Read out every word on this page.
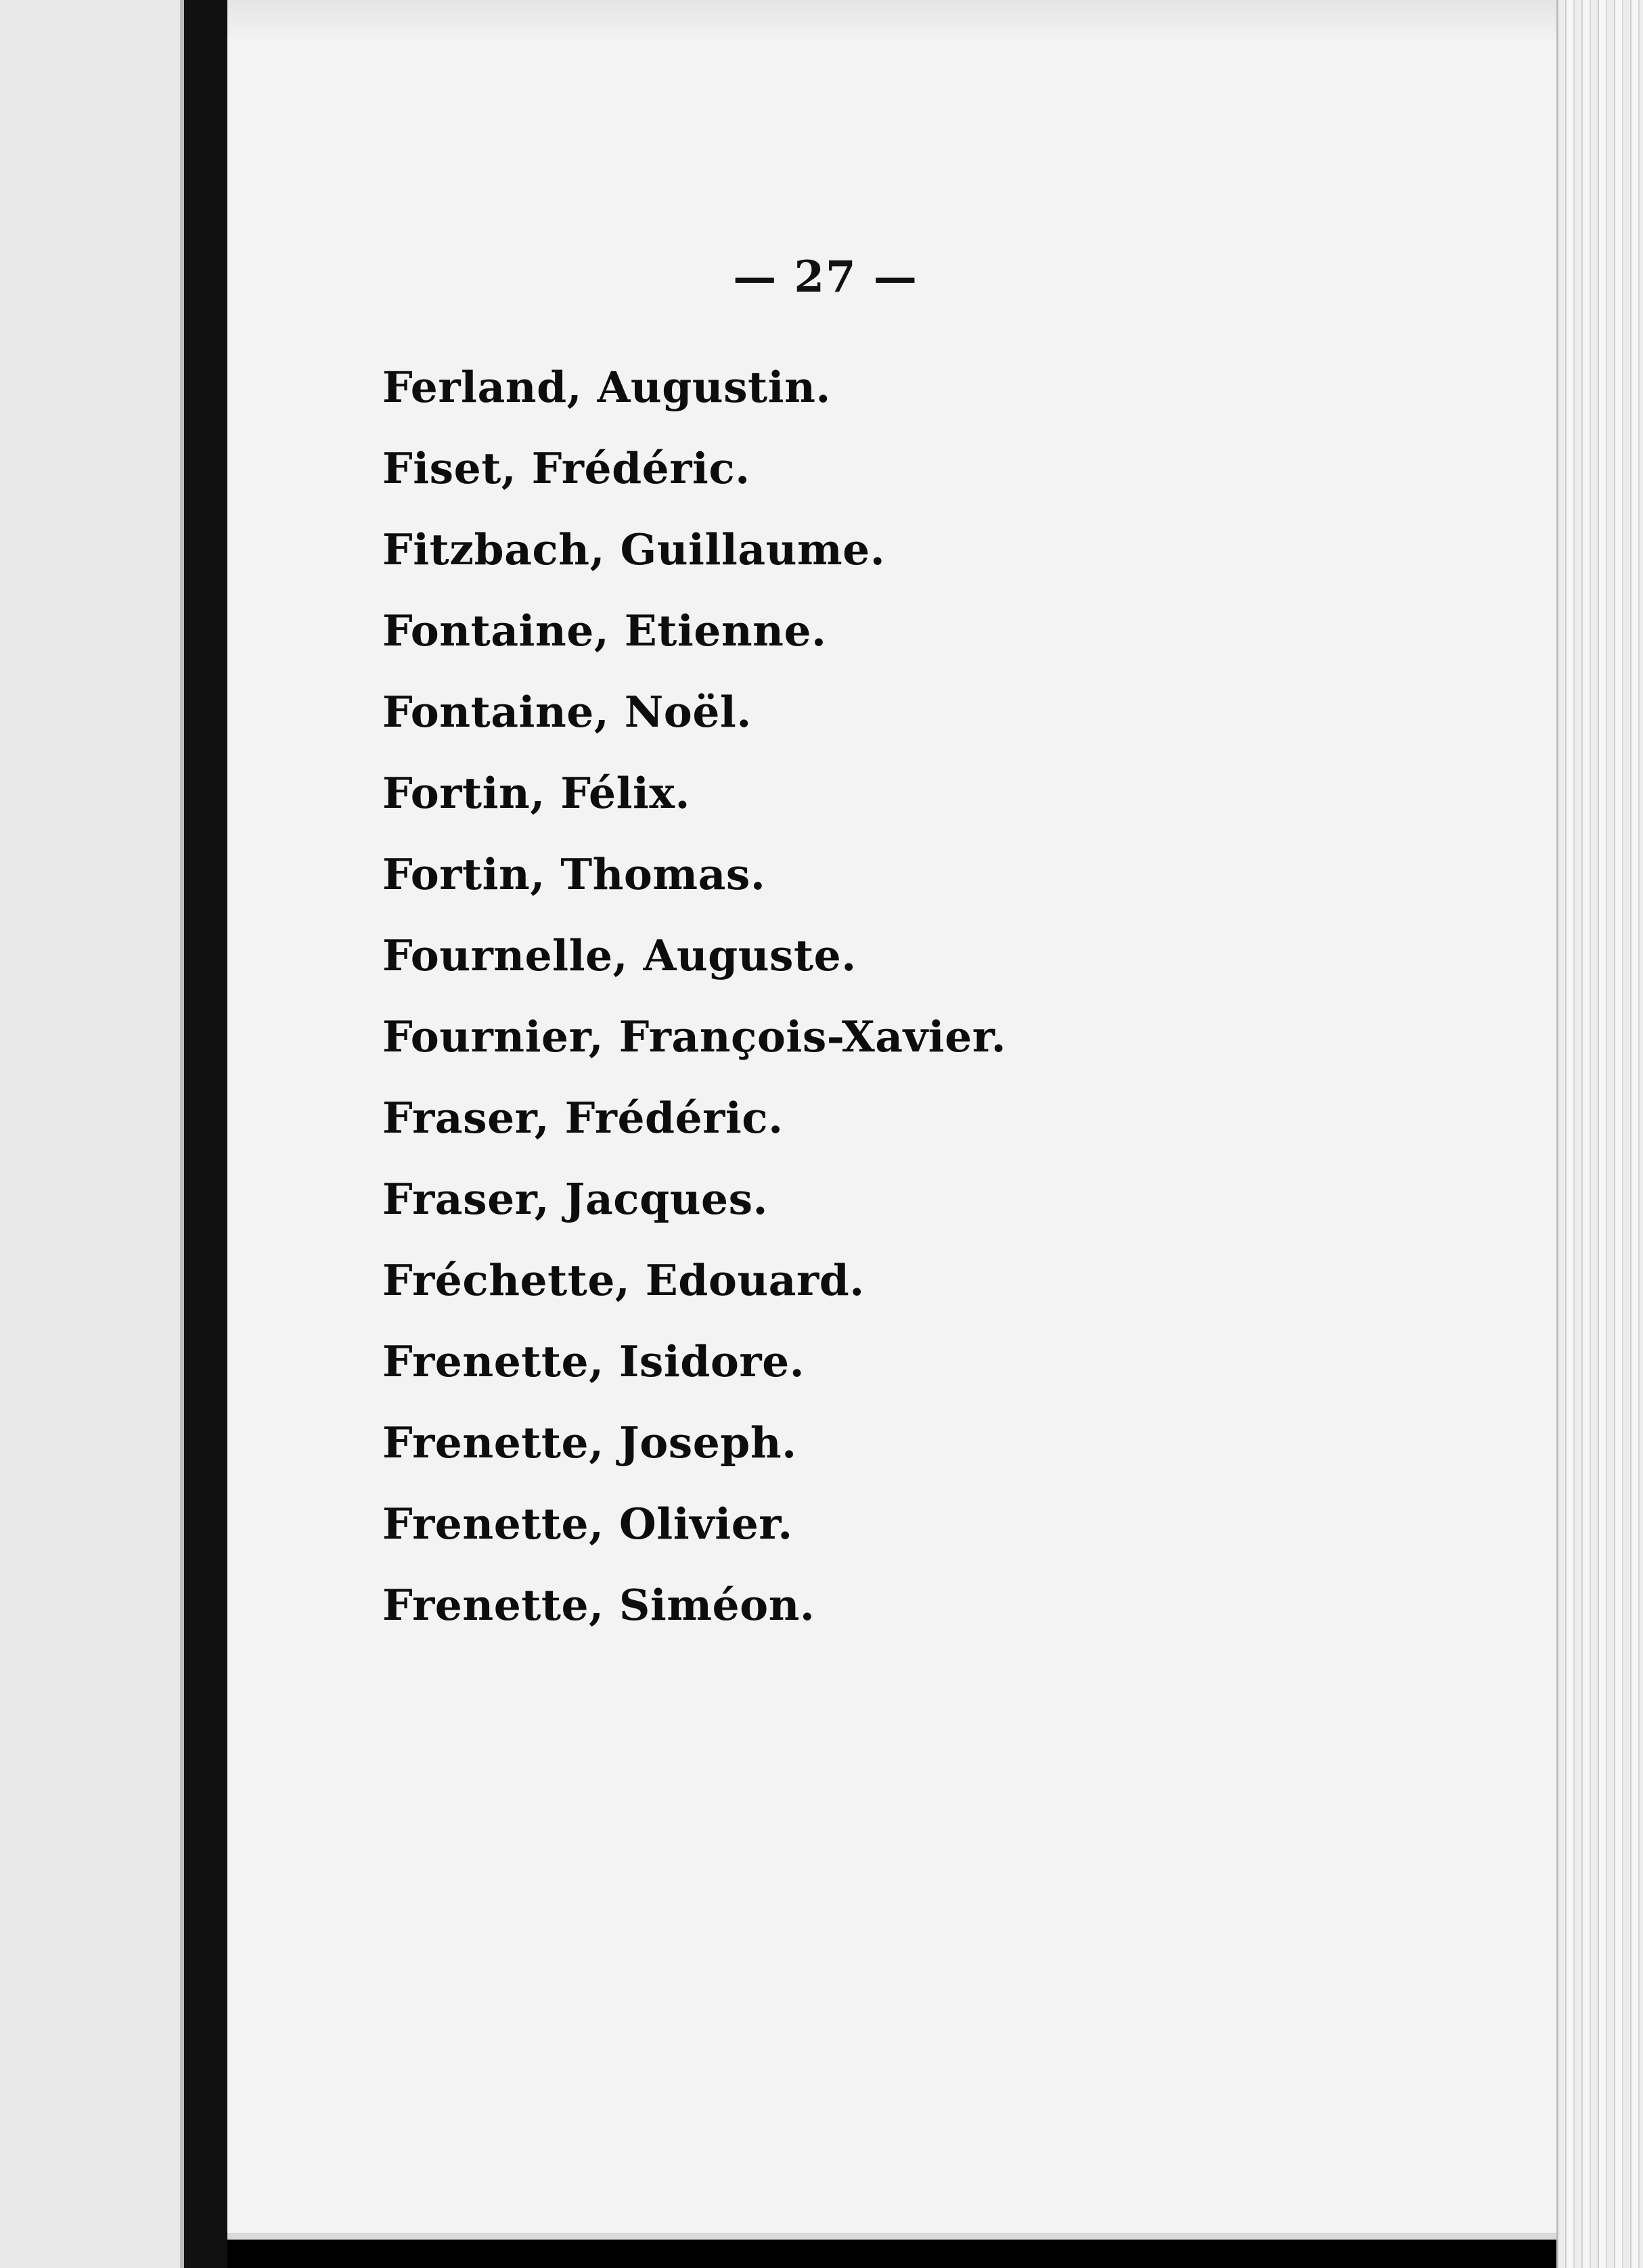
— 27 —
Ferland, Augustin.
Fiset, Frédéric.
Fitzbach, Guillaume.
Fontaine, Etienne.
Fontaine, Noël.
Fortin, Félix.
Fortin, Thomas.
Fournelle, Auguste.
Fournier, François-Xavier.
Fraser, Frédéric.
Fraser, Jacques.
Fréchette, Edouard.
Frenette, Isidore.
Frenette, Joseph.
Frenette, Olivier.
Frenette, Siméon.
